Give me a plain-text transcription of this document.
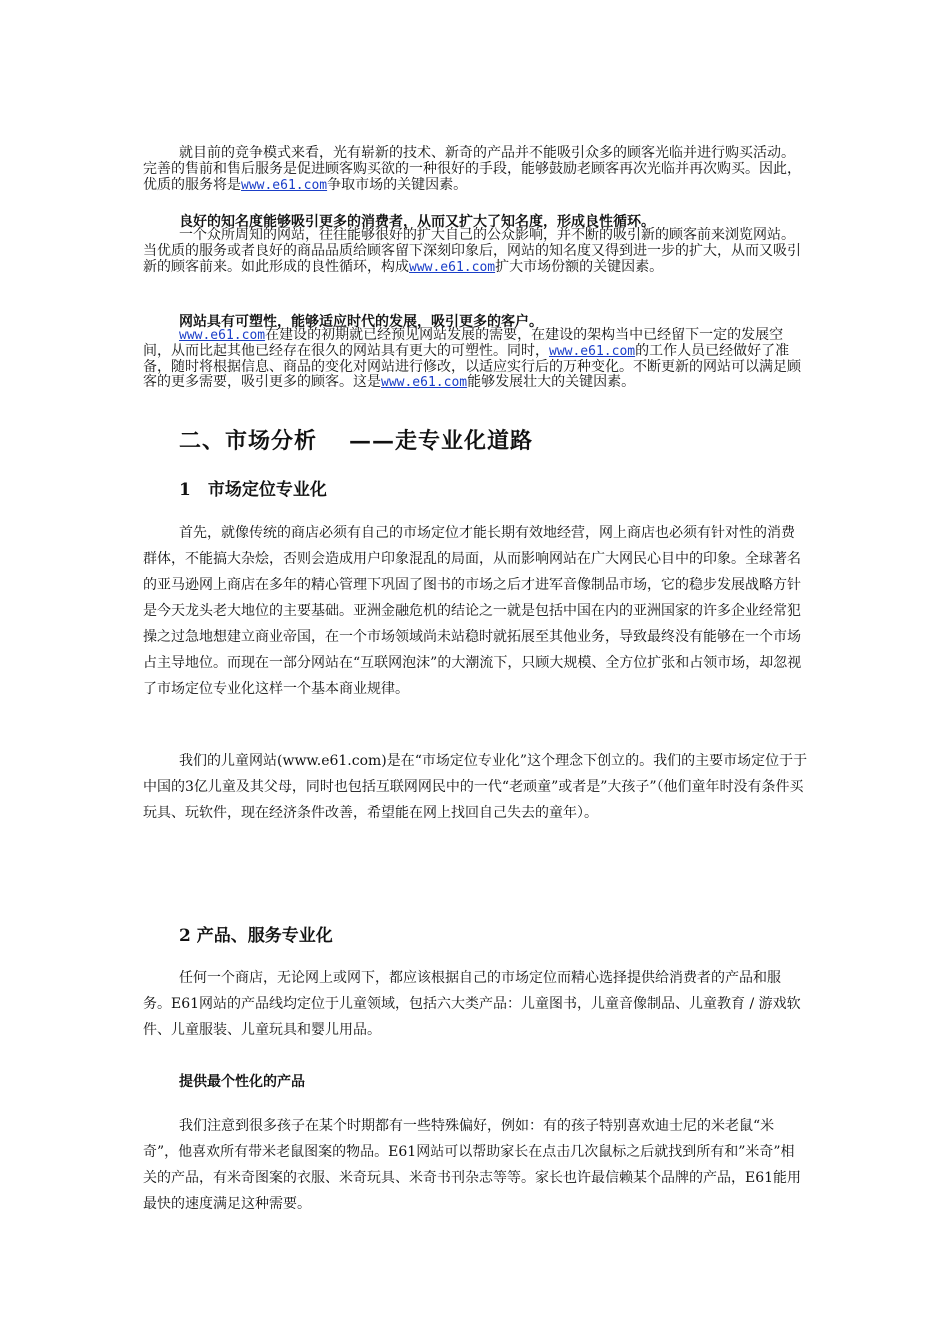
就目前的竞争模式来看，光有崭新的技术、新奇的产品并不能吸引众多的顾客光临并进行购买活动。完善的售前和售后服务是促进顾客购买欲的一种很好的手段，能够鼓励老顾客再次光临并再次购买。因此，优质的服务将是www.e61.com争取市场的关键因素。

良好的知名度能够吸引更多的消费者，从而又扩大了知名度，形成良性循环。

一个众所周知的网站，往往能够很好的扩大自己的公众影响，并不断的吸引新的顾客前来浏览网站。当优质的服务或者良好的商品品质给顾客留下深刻印象后，网站的知名度又得到进一步的扩大，从而又吸引新的顾客前来。如此形成的良性循环，构成www.e61.com扩大市场份额的关键因素。

网站具有可塑性，能够适应时代的发展，吸引更多的客户。

www.e61.com在建设的初期就已经预见网站发展的需要，在建设的架构当中已经留下一定的发展空间，从而比起其他已经存在很久的网站具有更大的可塑性。同时，www.e61.com的工作人员已经做好了准备，随时将根据信息、商品的变化对网站进行修改，以适应实行后的万种变化。不断更新的网站可以满足顾客的更多需要，吸引更多的顾客。这是www.e61.com能够发展壮大的关键因素。

二、市场分析 ——走专业化道路
1　市场定位专业化

首先，就像传统的商店必须有自己的市场定位才能长期有效地经营，网上商店也必须有针对性的消费群体，不能搞大杂烩，否则会造成用户印象混乱的局面，从而影响网站在广大网民心目中的印象。全球著名的亚马逊网上商店在多年的精心管理下巩固了图书的市场之后才进军音像制品市场，它的稳步发展战略方针是今天龙头老大地位的主要基础。亚洲金融危机的结论之一就是包括中国在内的亚洲国家的许多企业经常犯操之过急地想建立商业帝国，在一个市场领域尚未站稳时就拓展至其他业务，导致最终没有能够在一个市场占主导地位。而现在一部分网站在“互联网泡沫”的大潮流下，只顾大规模、全方位扩张和占领市场，却忽视了市场定位专业化这样一个基本商业规律。

我们的儿童网站(www.e61.com)是在“市场定位专业化”这个理念下创立的。我们的主要市场定位于于中国的3亿儿童及其父母，同时也包括互联网网民中的一代“老顽童”或者是”大孩子”（他们童年时没有条件买玩具、玩软件，现在经济条件改善，希望能在网上找回自己失去的童年）。

2 产品、服务专业化

任何一个商店，无论网上或网下，都应该根据自己的市场定位而精心选择提供给消费者的产品和服务。E61网站的产品线均定位于儿童领域，包括六大类产品：儿童图书，儿童音像制品、儿童教育 / 游戏软件、儿童服装、儿童玩具和婴儿用品。

提供最个性化的产品

我们注意到很多孩子在某个时期都有一些特殊偏好，例如：有的孩子特别喜欢迪士尼的米老鼠“米奇”，他喜欢所有带米老鼠图案的物品。E61网站可以帮助家长在点击几次鼠标之后就找到所有和”米奇”相关的产品，有米奇图案的衣服、米奇玩具、米奇书刊杂志等等。家长也许最信赖某个品牌的产品，E61能用最快的速度满足这种需要。
